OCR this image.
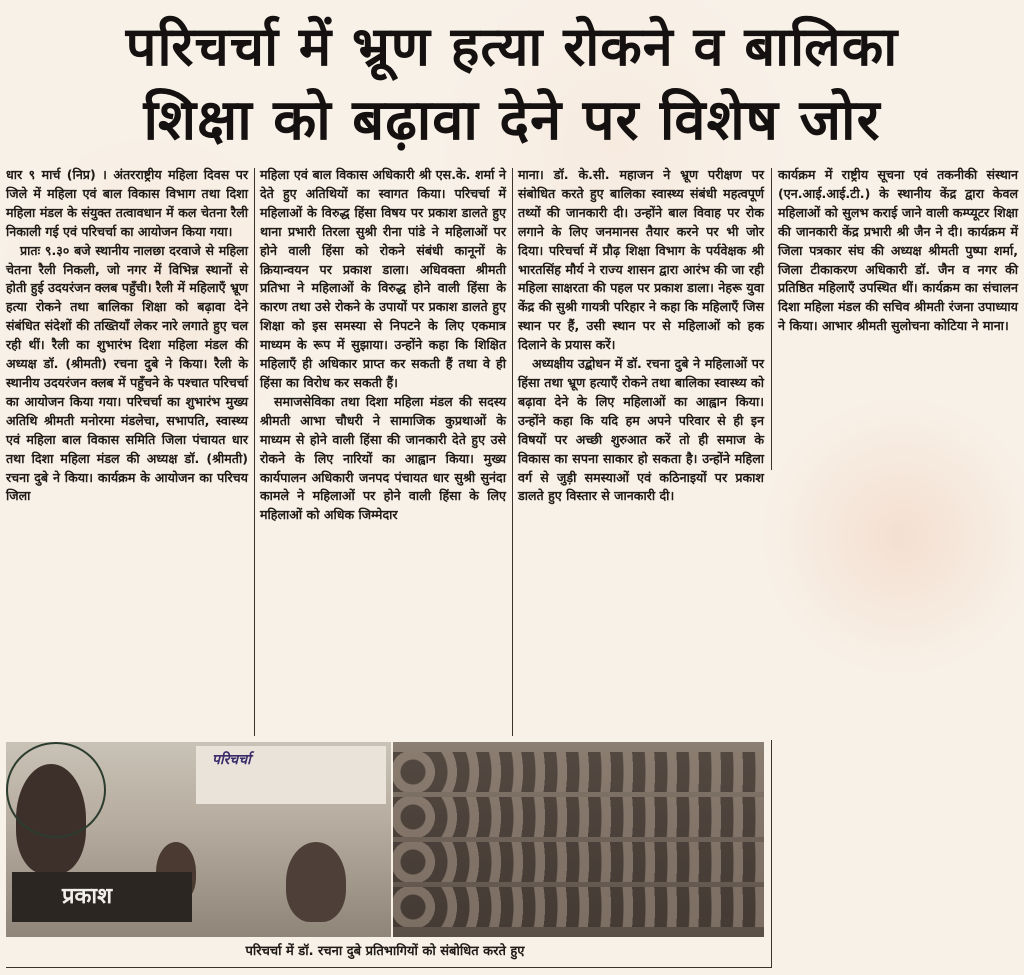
परिचर्चा में भ्रूण हत्या रोकने व बालिका
शिक्षा को बढ़ावा देने पर विशेष जोर

धार ९ मार्च (निप्र) । अंतरराष्ट्रीय महिला दिवस पर जिले में महिला एवं बाल विकास विभाग तथा दिशा महिला मंडल के संयुक्त तत्वावधान में कल चेतना रैली निकाली गई एवं परिचर्चा का आयोजन किया गया।

प्रातः ९.३० बजे स्थानीय नालछा दरवाजे से महिला चेतना रैली निकली, जो नगर में विभिन्न स्थानों से होती हुई उदयरंजन क्लब पहुँची। रैली में महिलाएँ भ्रूण हत्या रोकने तथा बालिका शिक्षा को बढ़ावा देने संबंधित संदेशों की तख्तियाँ लेकर नारे लगाते हुए चल रही थीं। रैली का शुभारंभ दिशा महिला मंडल की अध्यक्ष डॉ. (श्रीमती) रचना दुबे ने किया। रैली के स्थानीय उदयरंजन क्लब में पहुँचने के पश्चात परिचर्चा का आयोजन किया गया। परिचर्चा का शुभारंभ मुख्य अतिथि श्रीमती मनोरमा मंडलेचा, सभापति, स्वास्थ्य एवं महिला बाल विकास समिति जिला पंचायत धार तथा दिशा महिला मंडल की अध्यक्ष डॉ. (श्रीमती) रचना दुबे ने किया। कार्यक्रम के आयोजन का परिचय जिला

महिला एवं बाल विकास अधिकारी श्री एस.के. शर्मा ने देते हुए अतिथियों का स्वागत किया। परिचर्चा में महिलाओं के विरुद्ध हिंसा विषय पर प्रकाश डालते हुए थाना प्रभारी तिरला सुश्री रीना पांडे ने महिलाओं पर होने वाली हिंसा को रोकने संबंधी कानूनों के क्रियान्वयन पर प्रकाश डाला। अधिवक्ता श्रीमती प्रतिभा ने महिलाओं के विरुद्ध होने वाली हिंसा के कारण तथा उसे रोकने के उपायों पर प्रकाश डालते हुए शिक्षा को इस समस्या से निपटने के लिए एकमात्र माध्यम के रूप में सुझाया। उन्होंने कहा कि शिक्षित महिलाएँ ही अधिकार प्राप्त कर सकती हैं तथा वे ही हिंसा का विरोध कर सकती हैं।

समाजसेविका तथा दिशा महिला मंडल की सदस्य श्रीमती आभा चौधरी ने सामाजिक कुप्रथाओं के माध्यम से होने वाली हिंसा की जानकारी देते हुए उसे रोकने के लिए नारियों का आह्वान किया। मुख्य कार्यपालन अधिकारी जनपद पंचायत धार सुश्री सुनंदा कामले ने महिलाओं पर होने वाली हिंसा के लिए महिलाओं को अधिक जिम्मेदार

माना। डॉ. के.सी. महाजन ने भ्रूण परीक्षण पर संबोधित करते हुए बालिका स्वास्थ्य संबंधी महत्वपूर्ण तथ्यों की जानकारी दी। उन्होंने बाल विवाह पर रोक लगाने के लिए जनमानस तैयार करने पर भी जोर दिया। परिचर्चा में प्रौढ़ शिक्षा विभाग के पर्यवेक्षक श्री भारतसिंह मौर्य ने राज्य शासन द्वारा आरंभ की जा रही महिला साक्षरता की पहल पर प्रकाश डाला। नेहरू युवा केंद्र की सुश्री गायत्री परिहार ने कहा कि महिलाएँ जिस स्थान पर हैं, उसी स्थान पर से महिलाओं को हक दिलाने के प्रयास करें।

अध्यक्षीय उद्बोधन में डॉ. रचना दुबे ने महिलाओं पर हिंसा तथा भ्रूण हत्याएँ रोकने तथा बालिका स्वास्थ्य को बढ़ावा देने के लिए महिलाओं का आह्वान किया। उन्होंने कहा कि यदि हम अपने परिवार से ही इन विषयों पर अच्छी शुरुआत करें तो ही समाज के विकास का सपना साकार हो सकता है। उन्होंने महिला वर्ग से जुड़ी समस्याओं एवं कठिनाइयों पर प्रकाश डालते हुए विस्तार से जानकारी दी।

कार्यक्रम में राष्ट्रीय सूचना एवं तकनीकी संस्थान (एन.आई.आई.टी.) के स्थानीय केंद्र द्वारा केवल महिलाओं को सुलभ कराई जाने वाली कम्प्यूटर शिक्षा की जानकारी केंद्र प्रभारी श्री जैन ने दी। कार्यक्रम में जिला पत्रकार संघ की अध्यक्ष श्रीमती पुष्पा शर्मा, जिला टीकाकरण अधिकारी डॉ. जैन व नगर की प्रतिष्ठित महिलाएँ उपस्थित थीं। कार्यक्रम का संचालन दिशा महिला मंडल की सचिव श्रीमती रंजना उपाध्याय ने किया। आभार श्रीमती सुलोचना कोटिया ने माना।

परिचर्चा
प्रकाश
परिचर्चा में डॉ. रचना दुबे प्रतिभागियों को संबोधित करते हुए
